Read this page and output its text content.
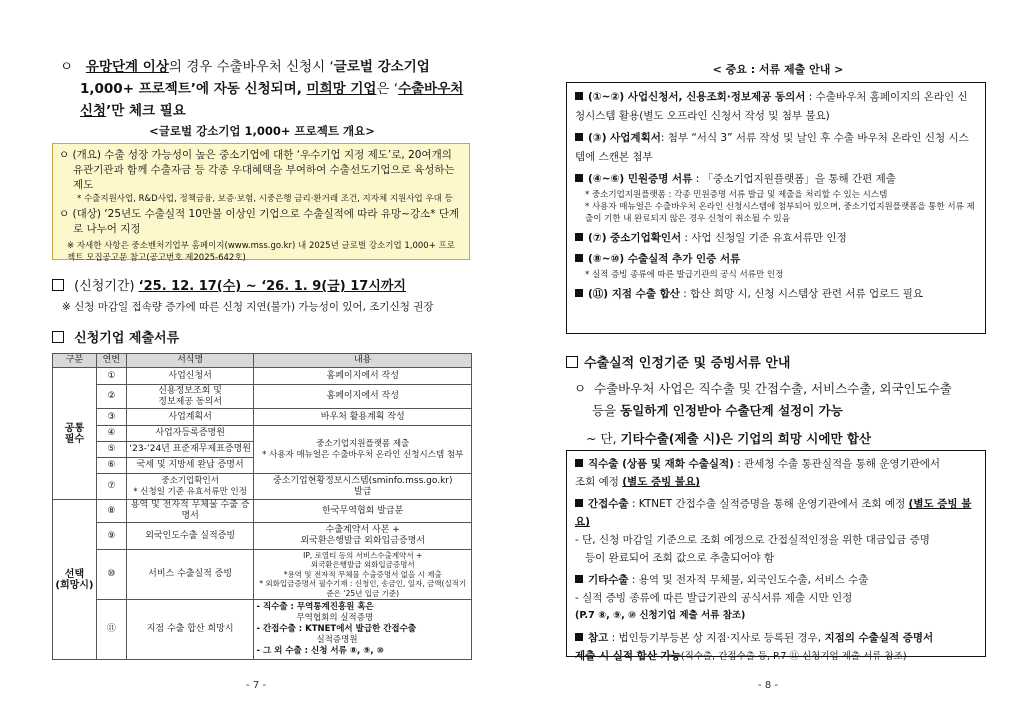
ㅇ 유망단계 이상의 경우 수출바우처 신청시 ‘글로벌 강소기업
1,000+ 프로젝트’에 자동 신청되며, 미희망 기업은 ‘수출바우처
신청’만 체크 필요
<글로벌 강소기업 1,000+ 프로젝트 개요>
ㅇ (개요) 수출 성장 가능성이 높은 중소기업에 대한 ‘우수기업 지정 제도’로, 20여개의 유관기관과 함께 수출자금 등 각종 우대혜택을 부여하여 수출선도기업으로 육성하는 제도
* 수출지원사업, R&D사업, 정책금융, 보증·보험, 시중은행 금리·환거래 조건, 지자체 지원사업 우대 등
ㅇ (대상) ‘25년도 수출실적 10만불 이상인 기업으로 수출실적에 따라 유망~강소* 단계로 나누어 지정
※ 자세한 사항은 중소벤처기업부 홈페이지(www.mss.go.kr) 내 2025년 글로벌 강소기업 1,000+ 프로젝트 모집공고문 참고(공고번호 제2025-642호)
(신청기간) ‘25. 12. 17(수) ~ ‘26. 1. 9(금) 17시까지
※ 신청 마감일 접속량 증가에 따른 신청 지연(불가) 가능성이 있어, 조기신청 권장
신청기업 제출서류
구분	연번	서식명	내용
공통
필수	①	사업신청서	홈페이지에서 작성
	②	신용정보조회 및
정보제공 동의서	홈페이지에서 작성
	③	사업계획서	바우처 활용계획 작성
	④	사업자등록증명원	중소기업지원플랫폼 제출
* 사용자 매뉴얼은 수출바우처 온라인 신청시스템 첨부
	⑤	‘23-’24년 표준재무제표증명원	
	⑥	국세 및 지방세 완납 증명서	
	⑦	중소기업확인서
* 신청일 기준 유효서류만 인정	중소기업현황정보시스템(sminfo.mss.go.kr)
발급
선택
(희망시)	⑧	용역 및 전자적 무체물 수출 증명서	한국무역협회 발급분
	⑨	외국인도수출 실적증빙	수출계약서 사본 +
외국환은행발급 외화입금증명서
	⑩	서비스 수출실적 증빙	IP, 로열티 등의 서비스수출계약서 +
외국환은행발급 외화입금증명서
*용역 및 전자적 무체물 수출증명서 없을 시 제출
* 외화입금증명서 필수기재 : 신청인, 송금인, 일자, 금액(실적기준은 ‘25년 입금 기준)
	⑪	지점 수출 합산 희망시	- 직수출 : 무역통계진흥원 혹은
무역협회의 실적증명
- 간접수출 : KTNET에서 발급한 간접수출
실적증명원
- 그 외 수출 : 신청 서류 ⑧, ⑨, ⑩
- 7 -
< 중요 : 서류 제출 안내 >
(①~②) 사업신청서, 신용조회·정보제공 동의서 : 수출바우처 홈페이지의 온라인 신청시스템 활용(별도 오프라인 신청서 작성 및 첨부 불요)
(③) 사업계획서: 첨부 “서식 3” 서류 작성 및 날인 후 수출 바우처 온라인 신청 시스템에 스캔본 첨부
(④~⑥) 민원증명 서류 : 「중소기업지원플랫폼」을 통해 간편 제출
* 중소기업지원플랫폼 : 각종 민원증명 서류 발급 및 제출을 처리할 수 있는 시스템
* 사용자 매뉴얼은 수출바우처 온라인 신청시스템에 첨부되어 있으며, 중소기업지원플랫폼을 통한 서류 제출이 기한 내 완료되지 않은 경우 신청이 취소될 수 있음
(⑦) 중소기업확인서 : 사업 신청일 기준 유효서류만 인정
(⑧~⑩) 수출실적 추가 인증 서류
* 실적 증빙 종류에 따른 발급기관의 공식 서류만 인정
(⑪) 지점 수출 합산 : 합산 희망 시, 신청 시스템상 관련 서류 업로드 필요
수출실적 인정기준 및 증빙서류 안내
ㅇ 수출바우처 사업은 직수출 및 간접수출, 서비스수출, 외국인도수출
등을 동일하게 인정받아 수출단계 설정이 가능
~ 단, 기타수출(제출 시)은 기업의 희망 시에만 합산
직수출 (상품 및 재화 수출실적) : 관세청 수출 통관실적을 통해 운영기관에서
조회 예정 (별도 증빙 불요)
간접수출 : KTNET 간접수출 실적증명을 통해 운영기관에서 조회 예정 (별도 증빙 불요)
- 단, 신청 마감일 기준으로 조회 예정으로 간접실적인정을 위한 대금입금 증명
등이 완료되어 조회 값으로 추출되어야 함
기타수출 : 용역 및 전자적 무체물, 외국인도수출, 서비스 수출
- 실적 증빙 종류에 따른 발급기관의 공식서류 제출 시만 인정
(P.7 ⑧, ⑨, ⑩ 신청기업 제출 서류 참조)
참고 : 법인등기부등본 상 지점·지사로 등록된 경우, 지점의 수출실적 증명서
제출 시 실적 합산 가능(직수출, 간접수출 등, P.7 ⑪ 신청기업 제출 서류 참조)
- 8 -
